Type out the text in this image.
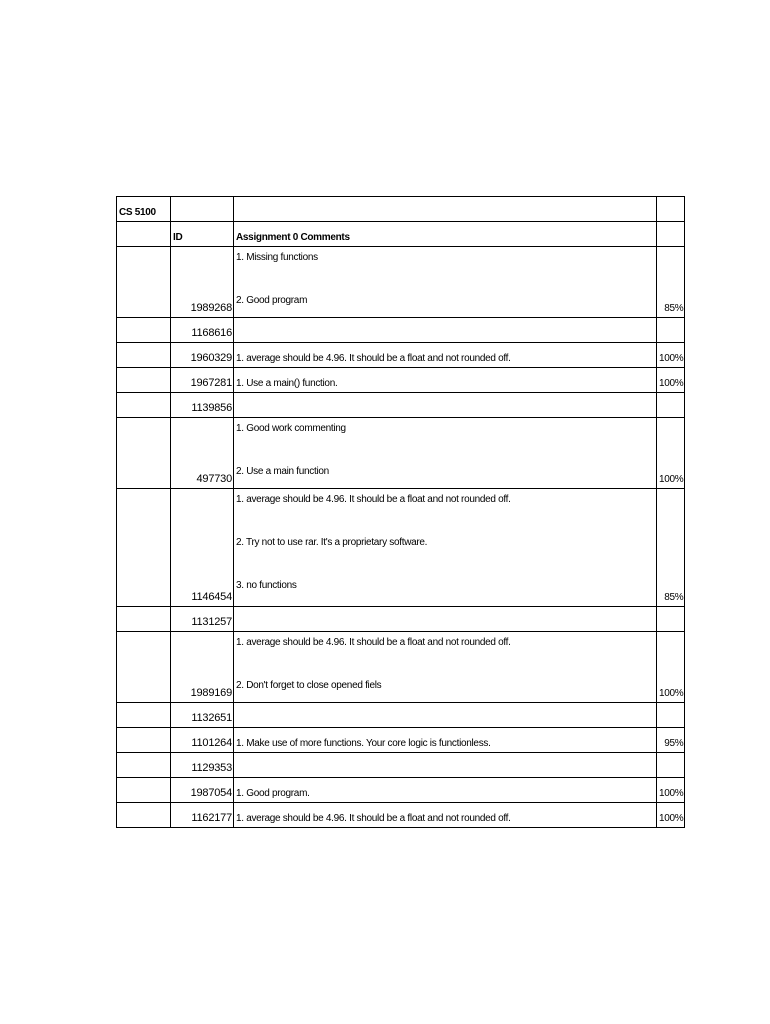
CS 5100			
	ID	Assignment 0 Comments	
	1989268	1. Missing functions
2. Good program	85%
	1168616		
	1960329	1. average should be 4.96. It should be a float and not rounded off.	100%
	1967281	1. Use a main() function.	100%
	1139856		
	497730	1. Good work commenting
2. Use a main function	100%
	1146454	1. average should be 4.96. It should be a float and not rounded off.
2. Try not to use rar. It's a proprietary software.
3. no functions	85%
	1131257		
	1989169	1. average should be 4.96. It should be a float and not rounded off.
2. Don't forget to close opened fiels	100%
	1132651		
	1101264	1. Make use of more functions. Your core logic is functionless.	95%
	1129353		
	1987054	1. Good program.	100%
	1162177	1. average should be 4.96. It should be a float and not rounded off.	100%
